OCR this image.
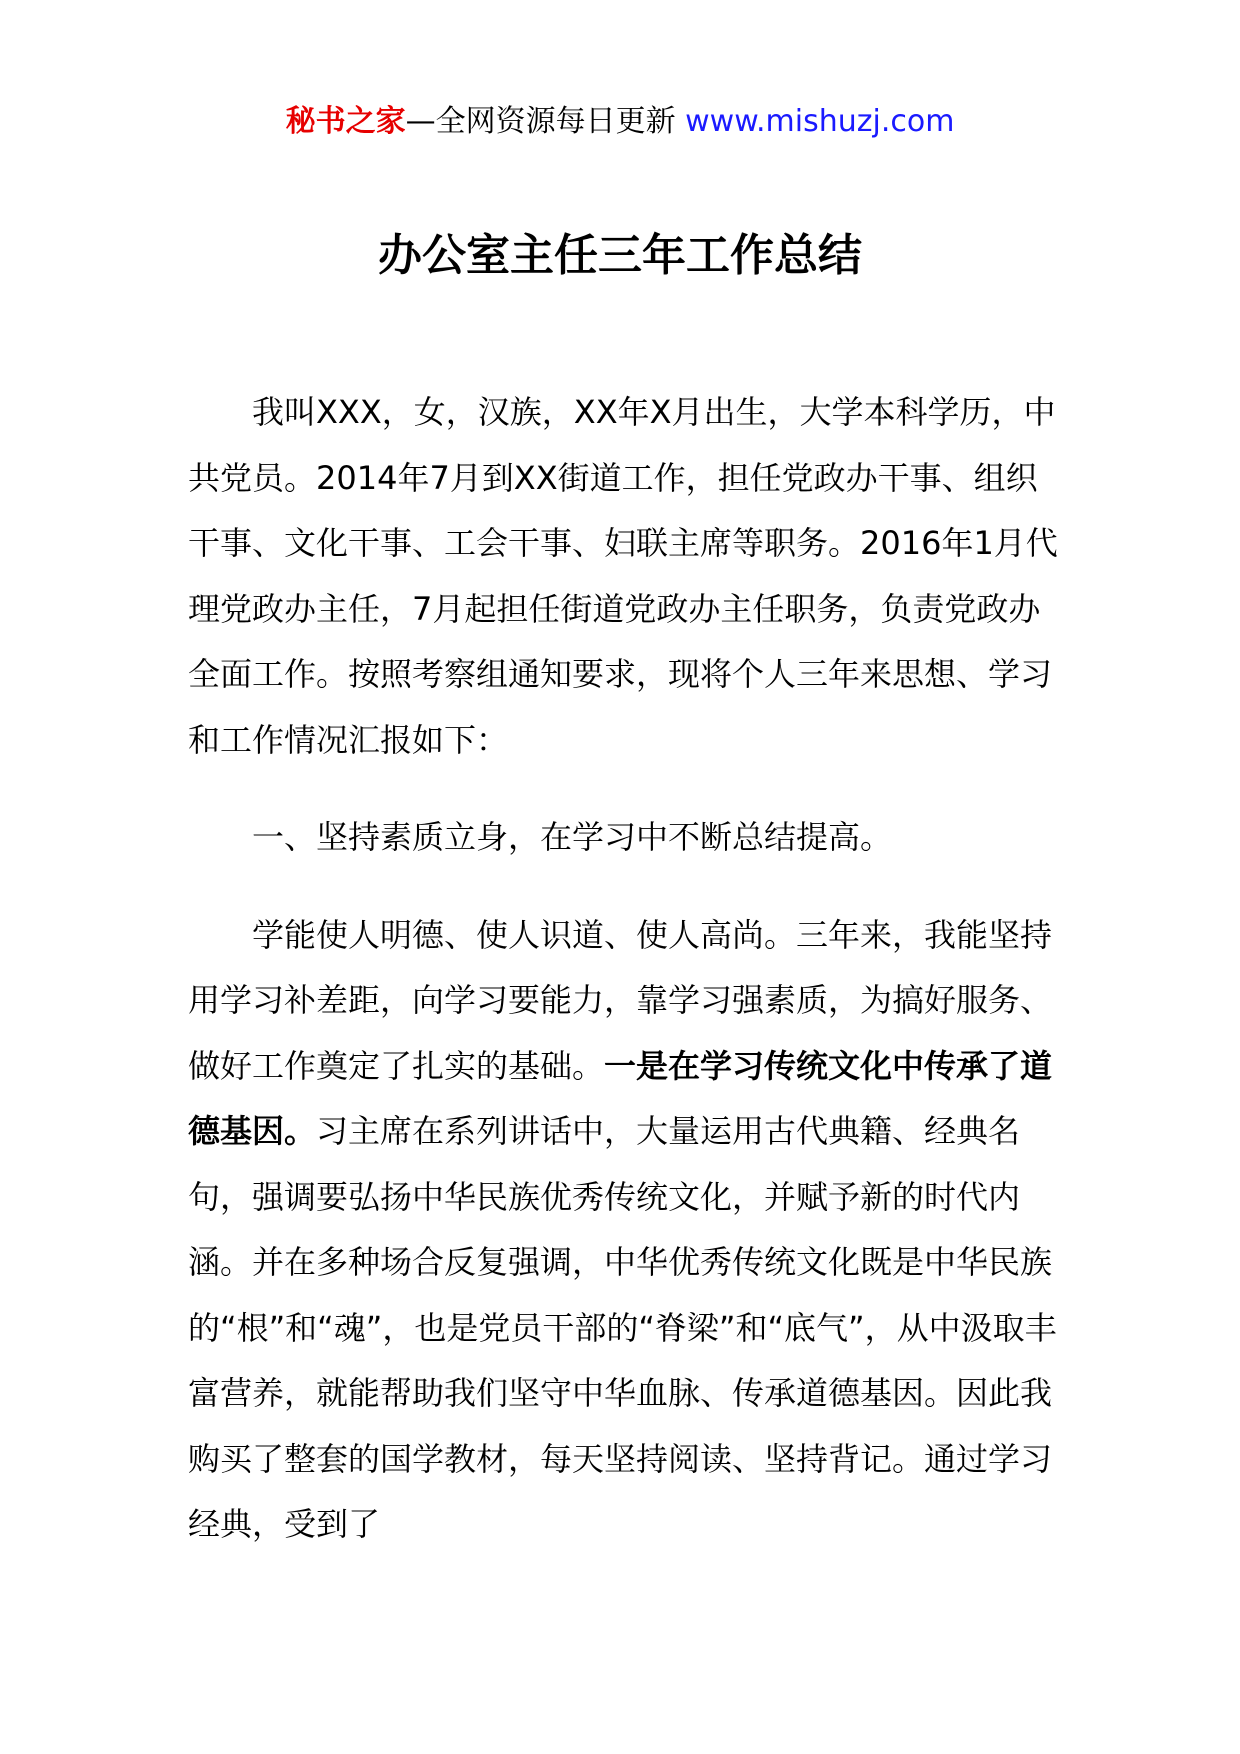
秘书之家—全网资源每日更新 www.mishuzj.com
办公室主任三年工作总结

我叫XXX，女，汉族，XX年X月出生，大学本科学历，中共党员。2014年7月到XX街道工作，担任党政办干事、组织干事、文化干事、工会干事、妇联主席等职务。2016年1月代理党政办主任，7月起担任街道党政办主任职务，负责党政办全面工作。按照考察组通知要求，现将个人三年来思想、学习和工作情况汇报如下：

一、坚持素质立身，在学习中不断总结提高。

学能使人明德、使人识道、使人高尚。三年来，我能坚持用学习补差距，向学习要能力，靠学习强素质，为搞好服务、做好工作奠定了扎实的基础。一是在学习传统文化中传承了道德基因。习主席在系列讲话中，大量运用古代典籍、经典名句，强调要弘扬中华民族优秀传统文化，并赋予新的时代内涵。并在多种场合反复强调，中华优秀传统文化既是中华民族的“根”和“魂”，也是党员干部的“脊梁”和“底气”，从中汲取丰富营养，就能帮助我们坚守中华血脉、传承道德基因。因此我购买了整套的国学教材，每天坚持阅读、坚持背记。通过学习经典，受到了
